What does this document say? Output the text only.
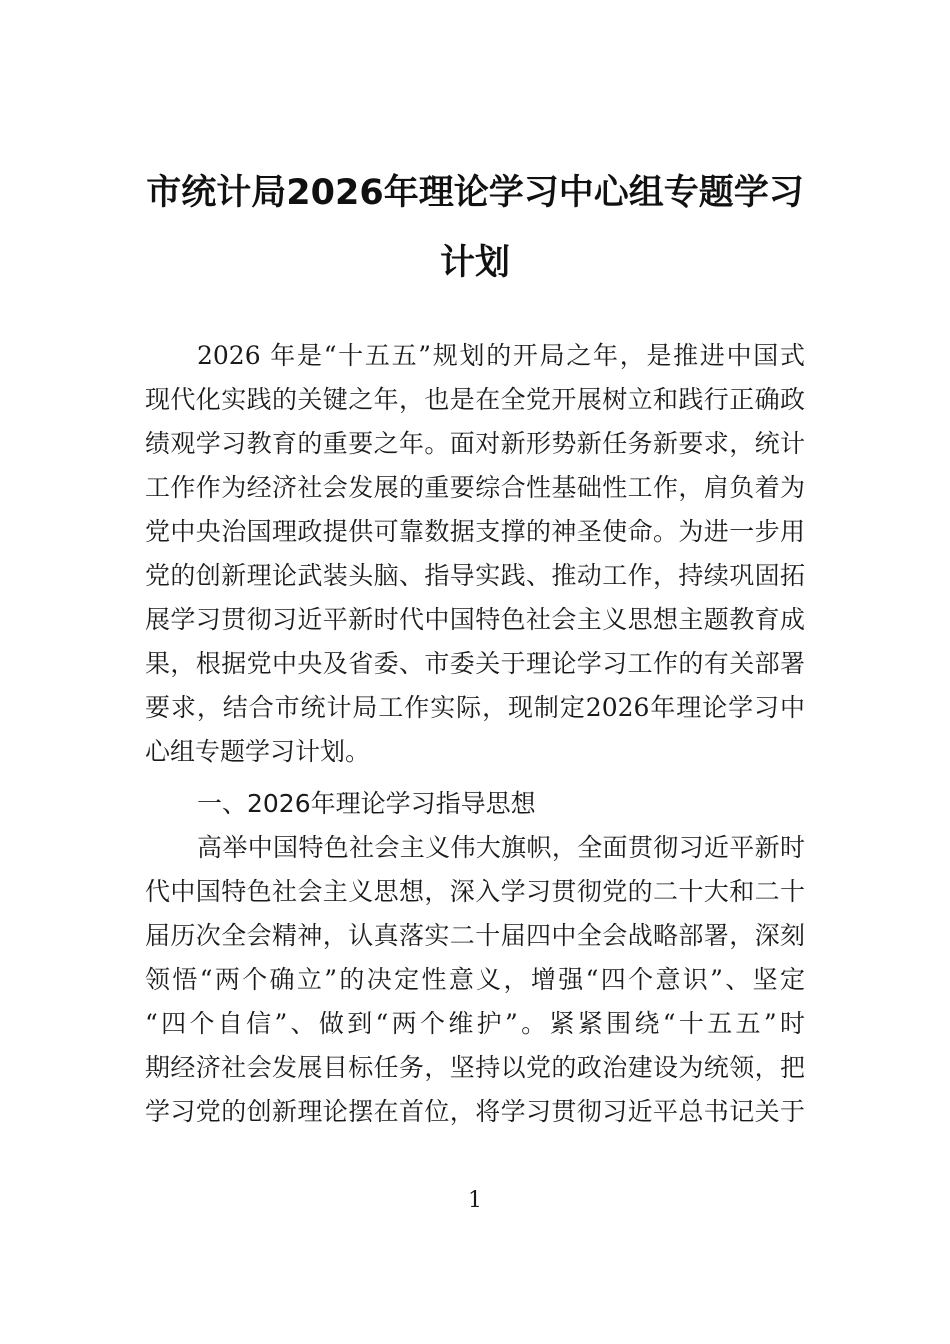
市统计局2026年理论学习中心组专题学习
计划
2026 年是“十五五”规划的开局之年，是推进中国式
现代化实践的关键之年，也是在全党开展树立和践行正确政
绩观学习教育的重要之年。面对新形势新任务新要求，统计
工作作为经济社会发展的重要综合性基础性工作，肩负着为
党中央治国理政提供可靠数据支撑的神圣使命。为进一步用
党的创新理论武装头脑、指导实践、推动工作，持续巩固拓
展学习贯彻习近平新时代中国特色社会主义思想主题教育成
果，根据党中央及省委、市委关于理论学习工作的有关部署
要求，结合市统计局工作实际，现制定2026年理论学习中
心组专题学习计划。
一、2026年理论学习指导思想
高举中国特色社会主义伟大旗帜，全面贯彻习近平新时
代中国特色社会主义思想，深入学习贯彻党的二十大和二十
届历次全会精神，认真落实二十届四中全会战略部署，深刻
领悟“两个确立”的决定性意义，增强“四个意识”、坚定
“四个自信”、做到“两个维护”。紧紧围绕“十五五”时
期经济社会发展目标任务，坚持以党的政治建设为统领，把
学习党的创新理论摆在首位，将学习贯彻习近平总书记关于
1
